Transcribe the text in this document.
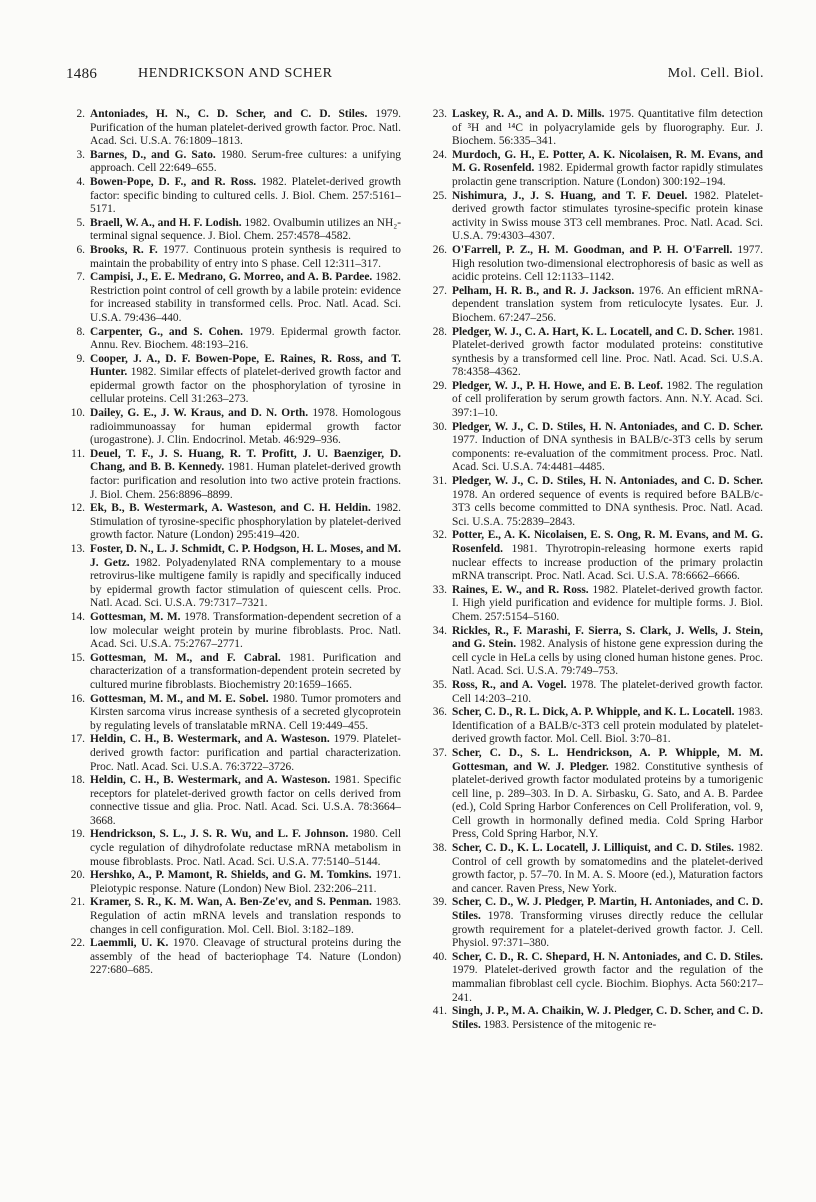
1486	HENDRICKSON AND SCHER	Mol. Cell. Biol.
2. Antoniades, H. N., C. D. Scher, and C. D. Stiles. 1979. Purification of the human platelet-derived growth factor. Proc. Natl. Acad. Sci. U.S.A. 76:1809–1813.
3. Barnes, D., and G. Sato. 1980. Serum-free cultures: a unifying approach. Cell 22:649–655.
4. Bowen-Pope, D. F., and R. Ross. 1982. Platelet-derived growth factor: specific binding to cultured cells. J. Biol. Chem. 257:5161–5171.
5. Braell, W. A., and H. F. Lodish. 1982. Ovalbumin utilizes an NH₂-terminal signal sequence. J. Biol. Chem. 257:4578–4582.
6. Brooks, R. F. 1977. Continuous protein synthesis is required to maintain the probability of entry into S phase. Cell 12:311–317.
7. Campisi, J., E. E. Medrano, G. Morreo, and A. B. Pardee. 1982. Restriction point control of cell growth by a labile protein: evidence for increased stability in transformed cells. Proc. Natl. Acad. Sci. U.S.A. 79:436–440.
8. Carpenter, G., and S. Cohen. 1979. Epidermal growth factor. Annu. Rev. Biochem. 48:193–216.
9. Cooper, J. A., D. F. Bowen-Pope, E. Raines, R. Ross, and T. Hunter. 1982. Similar effects of platelet-derived growth factor and epidermal growth factor on the phosphorylation of tyrosine in cellular proteins. Cell 31:263–273.
10. Dailey, G. E., J. W. Kraus, and D. N. Orth. 1978. Homologous radioimmunoassay for human epidermal growth factor (urogastrone). J. Clin. Endocrinol. Metab. 46:929–936.
11. Deuel, T. F., J. S. Huang, R. T. Profitt, J. U. Baenziger, D. Chang, and B. B. Kennedy. 1981. Human platelet-derived growth factor: purification and resolution into two active protein fractions. J. Biol. Chem. 256:8896–8899.
12. Ek, B., B. Westermark, A. Wasteson, and C. H. Heldin. 1982. Stimulation of tyrosine-specific phosphorylation by platelet-derived growth factor. Nature (London) 295:419–420.
13. Foster, D. N., L. J. Schmidt, C. P. Hodgson, H. L. Moses, and M. J. Getz. 1982. Polyadenylated RNA complementary to a mouse retrovirus-like multigene family is rapidly and specifically induced by epidermal growth factor stimulation of quiescent cells. Proc. Natl. Acad. Sci. U.S.A. 79:7317–7321.
14. Gottesman, M. M. 1978. Transformation-dependent secretion of a low molecular weight protein by murine fibroblasts. Proc. Natl. Acad. Sci. U.S.A. 75:2767–2771.
15. Gottesman, M. M., and F. Cabral. 1981. Purification and characterization of a transformation-dependent protein secreted by cultured murine fibroblasts. Biochemistry 20:1659–1665.
16. Gottesman, M. M., and M. E. Sobel. 1980. Tumor promoters and Kirsten sarcoma virus increase synthesis of a secreted glycoprotein by regulating levels of translatable mRNA. Cell 19:449–455.
17. Heldin, C. H., B. Westermark, and A. Wasteson. 1979. Platelet-derived growth factor: purification and partial characterization. Proc. Natl. Acad. Sci. U.S.A. 76:3722–3726.
18. Heldin, C. H., B. Westermark, and A. Wasteson. 1981. Specific receptors for platelet-derived growth factor on cells derived from connective tissue and glia. Proc. Natl. Acad. Sci. U.S.A. 78:3664–3668.
19. Hendrickson, S. L., J. S. R. Wu, and L. F. Johnson. 1980. Cell cycle regulation of dihydrofolate reductase mRNA metabolism in mouse fibroblasts. Proc. Natl. Acad. Sci. U.S.A. 77:5140–5144.
20. Hershko, A., P. Mamont, R. Shields, and G. M. Tomkins. 1971. Pleiotypic response. Nature (London) New Biol. 232:206–211.
21. Kramer, S. R., K. M. Wan, A. Ben-Ze'ev, and S. Penman. 1983. Regulation of actin mRNA levels and translation responds to changes in cell configuration. Mol. Cell. Biol. 3:182–189.
22. Laemmli, U. K. 1970. Cleavage of structural proteins during the assembly of the head of bacteriophage T4. Nature (London) 227:680–685.
23. Laskey, R. A., and A. D. Mills. 1975. Quantitative film detection of ³H and ¹⁴C in polyacrylamide gels by fluorography. Eur. J. Biochem. 56:335–341.
24. Murdoch, G. H., E. Potter, A. K. Nicolaisen, R. M. Evans, and M. G. Rosenfeld. 1982. Epidermal growth factor rapidly stimulates prolactin gene transcription. Nature (London) 300:192–194.
25. Nishimura, J., J. S. Huang, and T. F. Deuel. 1982. Platelet-derived growth factor stimulates tyrosine-specific protein kinase activity in Swiss mouse 3T3 cell membranes. Proc. Natl. Acad. Sci. U.S.A. 79:4303–4307.
26. O'Farrell, P. Z., H. M. Goodman, and P. H. O'Farrell. 1977. High resolution two-dimensional electrophoresis of basic as well as acidic proteins. Cell 12:1133–1142.
27. Pelham, H. R. B., and R. J. Jackson. 1976. An efficient mRNA-dependent translation system from reticulocyte lysates. Eur. J. Biochem. 67:247–256.
28. Pledger, W. J., C. A. Hart, K. L. Locatell, and C. D. Scher. 1981. Platelet-derived growth factor modulated proteins: constitutive synthesis by a transformed cell line. Proc. Natl. Acad. Sci. U.S.A. 78:4358–4362.
29. Pledger, W. J., P. H. Howe, and E. B. Leof. 1982. The regulation of cell proliferation by serum growth factors. Ann. N.Y. Acad. Sci. 397:1–10.
30. Pledger, W. J., C. D. Stiles, H. N. Antoniades, and C. D. Scher. 1977. Induction of DNA synthesis in BALB/c-3T3 cells by serum components: re-evaluation of the commitment process. Proc. Natl. Acad. Sci. U.S.A. 74:4481–4485.
31. Pledger, W. J., C. D. Stiles, H. N. Antoniades, and C. D. Scher. 1978. An ordered sequence of events is required before BALB/c-3T3 cells become committed to DNA synthesis. Proc. Natl. Acad. Sci. U.S.A. 75:2839–2843.
32. Potter, E., A. K. Nicolaisen, E. S. Ong, R. M. Evans, and M. G. Rosenfeld. 1981. Thyrotropin-releasing hormone exerts rapid nuclear effects to increase production of the primary prolactin mRNA transcript. Proc. Natl. Acad. Sci. U.S.A. 78:6662–6666.
33. Raines, E. W., and R. Ross. 1982. Platelet-derived growth factor. I. High yield purification and evidence for multiple forms. J. Biol. Chem. 257:5154–5160.
34. Rickles, R., F. Marashi, F. Sierra, S. Clark, J. Wells, J. Stein, and G. Stein. 1982. Analysis of histone gene expression during the cell cycle in HeLa cells by using cloned human histone genes. Proc. Natl. Acad. Sci. U.S.A. 79:749–753.
35. Ross, R., and A. Vogel. 1978. The platelet-derived growth factor. Cell 14:203–210.
36. Scher, C. D., R. L. Dick, A. P. Whipple, and K. L. Locatell. 1983. Identification of a BALB/c-3T3 cell protein modulated by platelet-derived growth factor. Mol. Cell. Biol. 3:70–81.
37. Scher, C. D., S. L. Hendrickson, A. P. Whipple, M. M. Gottesman, and W. J. Pledger. 1982. Constitutive synthesis of platelet-derived growth factor modulated proteins by a tumorigenic cell line, p. 289–303. In D. A. Sirbasku, G. Sato, and A. B. Pardee (ed.), Cold Spring Harbor Conferences on Cell Proliferation, vol. 9, Cell growth in hormonally defined media. Cold Spring Harbor Press, Cold Spring Harbor, N.Y.
38. Scher, C. D., K. L. Locatell, J. Lilliquist, and C. D. Stiles. 1982. Control of cell growth by somatomedins and the platelet-derived growth factor, p. 57–70. In M. A. S. Moore (ed.), Maturation factors and cancer. Raven Press, New York.
39. Scher, C. D., W. J. Pledger, P. Martin, H. Antoniades, and C. D. Stiles. 1978. Transforming viruses directly reduce the cellular growth requirement for a platelet-derived growth factor. J. Cell. Physiol. 97:371–380.
40. Scher, C. D., R. C. Shepard, H. N. Antoniades, and C. D. Stiles. 1979. Platelet-derived growth factor and the regulation of the mammalian fibroblast cell cycle. Biochim. Biophys. Acta 560:217–241.
41. Singh, J. P., M. A. Chaikin, W. J. Pledger, C. D. Scher, and C. D. Stiles. 1983. Persistence of the mitogenic re-
